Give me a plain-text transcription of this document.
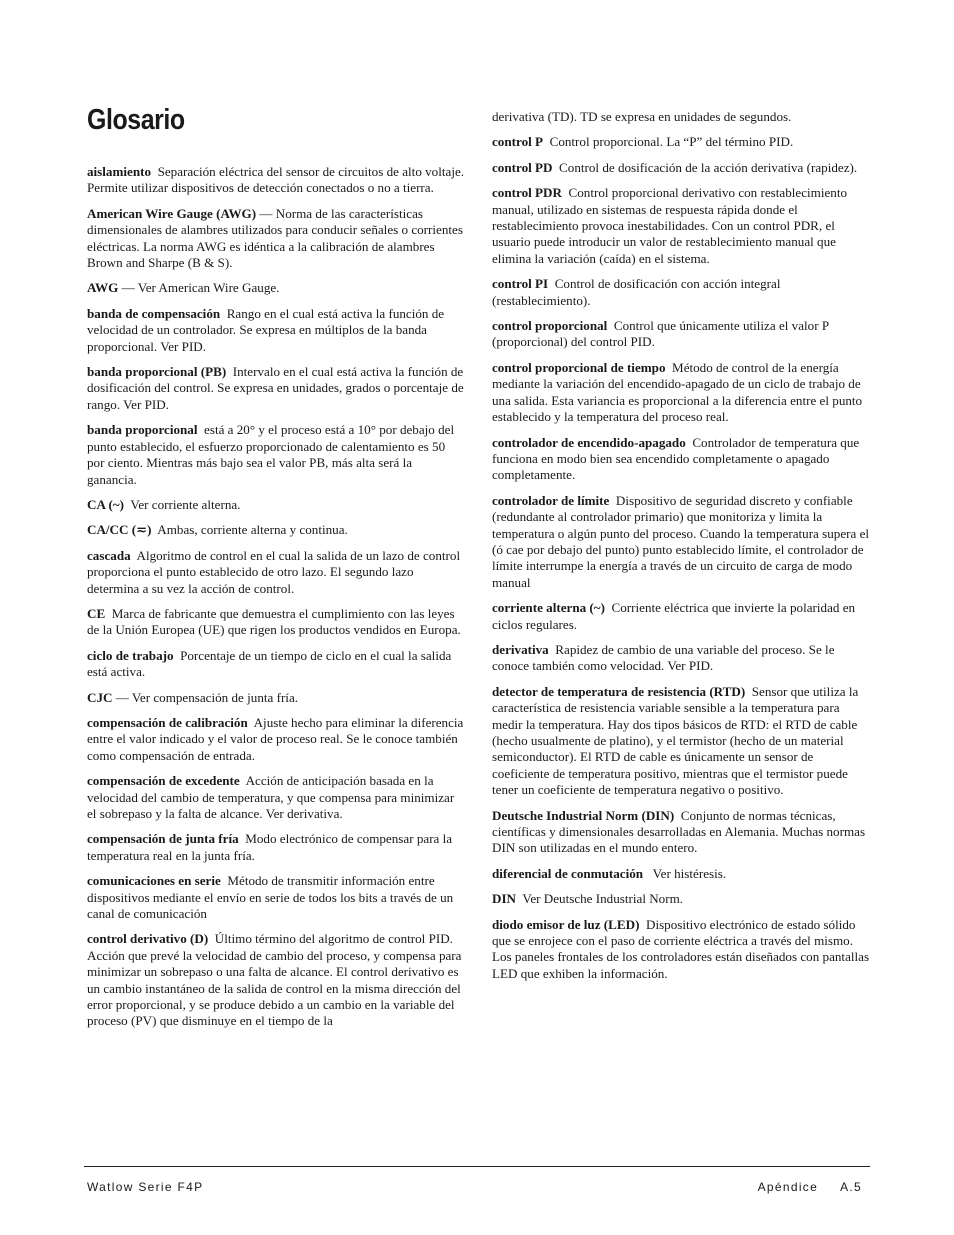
Glosario

aislamiento Separación eléctrica del sensor de circuitos de alto voltaje. Permite utilizar dispositivos de detección conectados o no a tierra.

American Wire Gauge (AWG) — Norma de las características dimensionales de alambres utilizados para conducir señales o corrientes eléctricas. La norma AWG es idéntica a la calibración de alambres Brown and Sharpe (B & S).

AWG — Ver American Wire Gauge.

banda de compensación Rango en el cual está activa la función de velocidad de un controlador. Se expresa en múltiplos de la banda proporcional. Ver PID.

banda proporcional (PB) Intervalo en el cual está activa la función de dosificación del control. Se expresa en unidades, grados o porcentaje de rango. Ver PID.

banda proporcional está a 20° y el proceso está a 10° por debajo del punto establecido, el esfuerzo proporcionado de calentamiento es 50 por ciento. Mientras más bajo sea el valor PB, más alta será la ganancia.

CA (~) Ver corriente alterna.

CA/CC (≂) Ambas, corriente alterna y continua.

cascada Algoritmo de control en el cual la salida de un lazo de control proporciona el punto establecido de otro lazo. El segundo lazo determina a su vez la acción de control.

CE Marca de fabricante que demuestra el cumplimiento con las leyes de la Unión Europea (UE) que rigen los productos vendidos en Europa.

ciclo de trabajo Porcentaje de un tiempo de ciclo en el cual la salida está activa.

CJC — Ver compensación de junta fría.

compensación de calibración Ajuste hecho para eliminar la diferencia entre el valor indicado y el valor de proceso real. Se le conoce también como compensación de entrada.

compensación de excedente Acción de anticipación basada en la velocidad del cambio de temperatura, y que compensa para minimizar el sobrepaso y la falta de alcance. Ver derivativa.

compensación de junta fría Modo electrónico de compensar para la temperatura real en la junta fría.

comunicaciones en serie Método de transmitir información entre dispositivos mediante el envío en serie de todos los bits a través de un canal de comunicación

control derivativo (D) Último término del algoritmo de control PID. Acción que prevé la velocidad de cambio del proceso, y compensa para minimizar un sobrepaso o una falta de alcance. El control derivativo es un cambio instantáneo de la salida de control en la misma dirección del error proporcional, y se produce debido a un cambio en la variable del proceso (PV) que disminuye en el tiempo de la

derivativa (TD). TD se expresa en unidades de segundos.

control P Control proporcional. La “P” del término PID.

control PD Control de dosificación de la acción derivativa (rapidez).

control PDR Control proporcional derivativo con restablecimiento manual, utilizado en sistemas de respuesta rápida donde el restablecimiento provoca inestabilidades. Con un control PDR, el usuario puede introducir un valor de restablecimiento manual que elimina la variación (caída) en el sistema.

control PI Control de dosificación con acción integral (restablecimiento).

control proporcional Control que únicamente utiliza el valor P (proporcional) del control PID.

control proporcional de tiempo Método de control de la energía mediante la variación del encendido-apagado de un ciclo de trabajo de una salida. Esta variancia es proporcional a la diferencia entre el punto establecido y la temperatura del proceso real.

controlador de encendido-apagado Controlador de temperatura que funciona en modo bien sea encendido completamente o apagado completamente.

controlador de límite Dispositivo de seguridad discreto y confiable (redundante al controlador primario) que monitoriza y limita la temperatura o algún punto del proceso. Cuando la temperatura supera el (ó cae por debajo del punto) punto establecido límite, el controlador de límite interrumpe la energía a través de un circuito de carga de modo manual

corriente alterna (~) Corriente eléctrica que invierte la polaridad en ciclos regulares.

derivativa Rapidez de cambio de una variable del proceso. Se le conoce también como velocidad. Ver PID.

detector de temperatura de resistencia (RTD) Sensor que utiliza la característica de resistencia variable sensible a la temperatura para medir la temperatura. Hay dos tipos básicos de RTD: el RTD de cable (hecho usualmente de platino), y el termistor (hecho de un material semiconductor). El RTD de cable es únicamente un sensor de coeficiente de temperatura positivo, mientras que el termistor puede tener un coeficiente de temperatura negativo o positivo.

Deutsche Industrial Norm (DIN) Conjunto de normas técnicas, científicas y dimensionales desarrolladas en Alemania. Muchas normas DIN son utilizadas en el mundo entero.

diferencial de conmutación Ver histéresis.

DIN Ver Deutsche Industrial Norm.

diodo emisor de luz (LED) Dispositivo electrónico de estado sólido que se enrojece con el paso de corriente eléctrica a través del mismo. Los paneles frontales de los controladores están diseñados con pantallas LED que exhiben la información.

Watlow Serie F4P	Apéndice A.5
